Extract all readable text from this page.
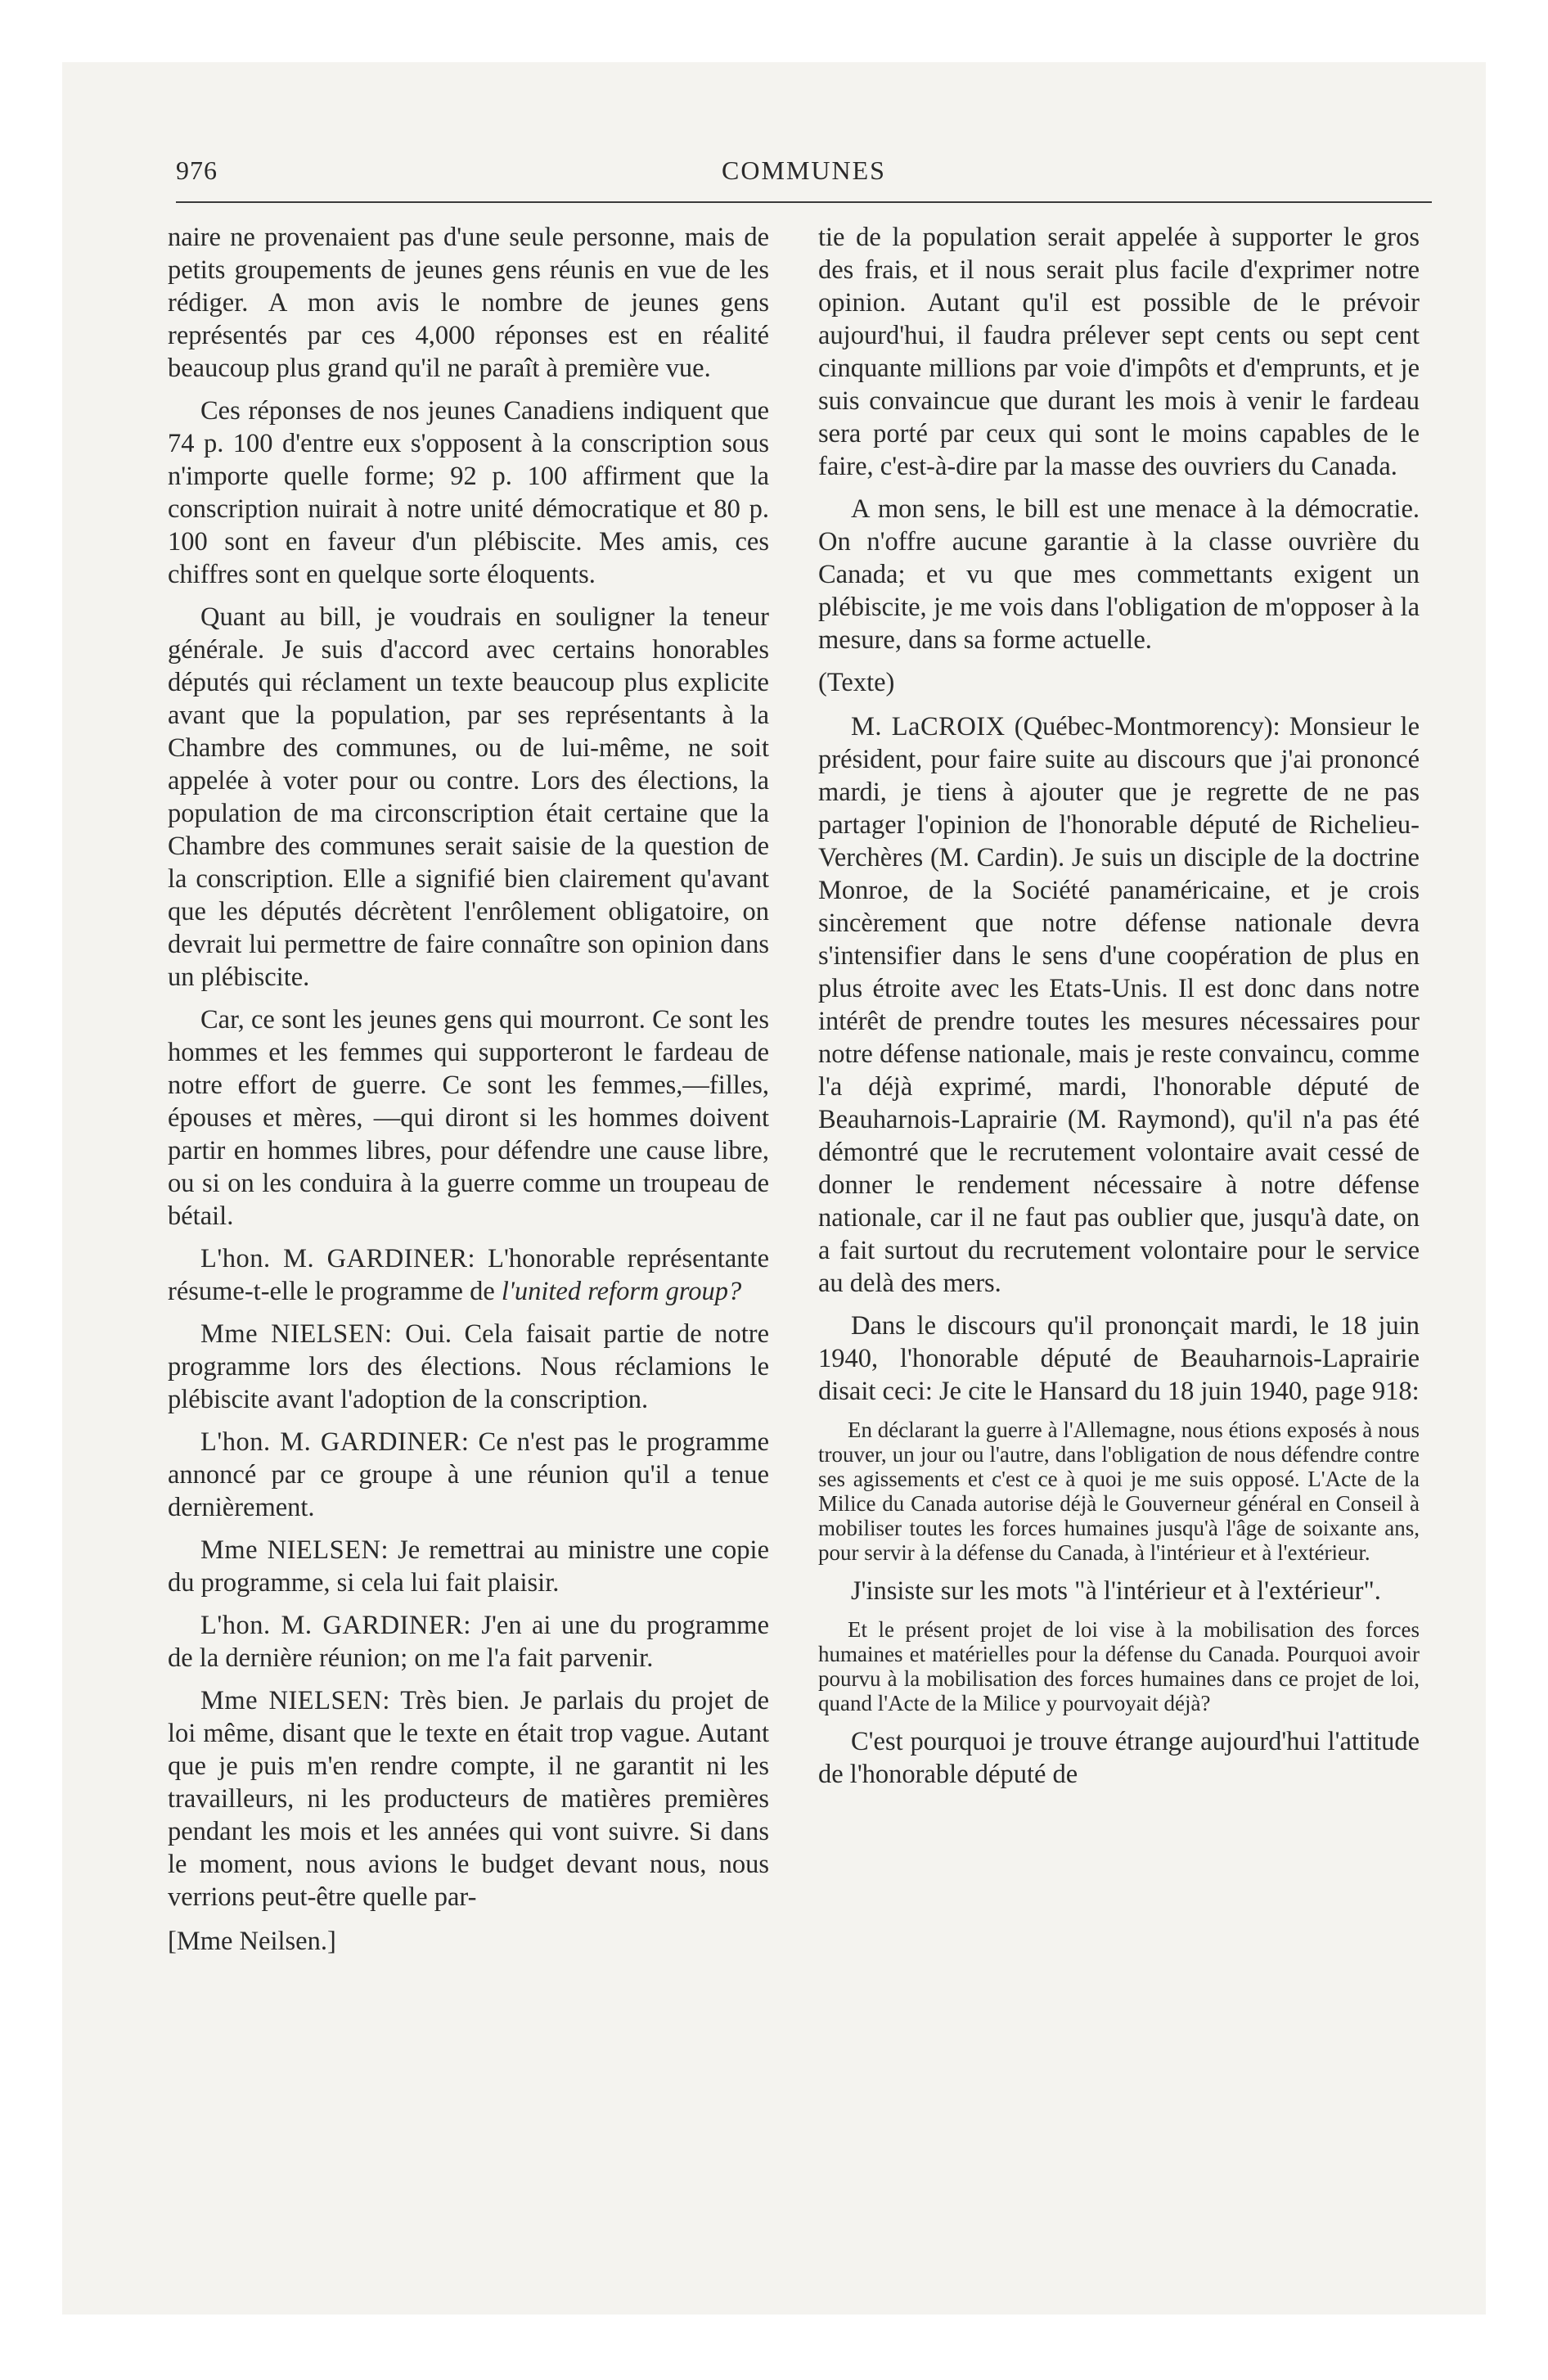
976	COMMUNES

naire ne provenaient pas d'une seule personne, mais de petits groupements de jeunes gens réunis en vue de les rédiger. A mon avis le nombre de jeunes gens représentés par ces 4,000 réponses est en réalité beaucoup plus grand qu'il ne paraît à première vue.

Ces réponses de nos jeunes Canadiens indiquent que 74 p. 100 d'entre eux s'opposent à la conscription sous n'importe quelle forme; 92 p. 100 affirment que la conscription nuirait à notre unité démocratique et 80 p. 100 sont en faveur d'un plébiscite. Mes amis, ces chiffres sont en quelque sorte éloquents.

Quant au bill, je voudrais en souligner la teneur générale. Je suis d'accord avec certains honorables députés qui réclament un texte beaucoup plus explicite avant que la population, par ses représentants à la Chambre des communes, ou de lui-même, ne soit appelée à voter pour ou contre. Lors des élections, la population de ma circonscription était certaine que la Chambre des communes serait saisie de la question de la conscription. Elle a signifié bien clairement qu'avant que les députés décrètent l'enrôlement obligatoire, on devrait lui permettre de faire connaître son opinion dans un plébiscite.

Car, ce sont les jeunes gens qui mourront. Ce sont les hommes et les femmes qui supporteront le fardeau de notre effort de guerre. Ce sont les femmes,—filles, épouses et mères, —qui diront si les hommes doivent partir en hommes libres, pour défendre une cause libre, ou si on les conduira à la guerre comme un troupeau de bétail.

L'hon. M. GARDINER: L'honorable représentante résume-t-elle le programme de l'united reform group?

Mme NIELSEN: Oui. Cela faisait partie de notre programme lors des élections. Nous réclamions le plébiscite avant l'adoption de la conscription.

L'hon. M. GARDINER: Ce n'est pas le programme annoncé par ce groupe à une réunion qu'il a tenue dernièrement.

Mme NIELSEN: Je remettrai au ministre une copie du programme, si cela lui fait plaisir.

L'hon. M. GARDINER: J'en ai une du programme de la dernière réunion; on me l'a fait parvenir.

Mme NIELSEN: Très bien. Je parlais du projet de loi même, disant que le texte en était trop vague. Autant que je puis m'en rendre compte, il ne garantit ni les travailleurs, ni les producteurs de matières premières pendant les mois et les années qui vont suivre. Si dans le moment, nous avions le budget devant nous, nous verrions peut-être quelle par-

[Mme Neilsen.]

tie de la population serait appelée à supporter le gros des frais, et il nous serait plus facile d'exprimer notre opinion. Autant qu'il est possible de le prévoir aujourd'hui, il faudra prélever sept cents ou sept cent cinquante millions par voie d'impôts et d'emprunts, et je suis convaincue que durant les mois à venir le fardeau sera porté par ceux qui sont le moins capables de le faire, c'est-à-dire par la masse des ouvriers du Canada.

A mon sens, le bill est une menace à la démocratie. On n'offre aucune garantie à la classe ouvrière du Canada; et vu que mes commettants exigent un plébiscite, je me vois dans l'obligation de m'opposer à la mesure, dans sa forme actuelle.

(Texte)

M. LaCROIX (Québec-Montmorency): Monsieur le président, pour faire suite au discours que j'ai prononcé mardi, je tiens à ajouter que je regrette de ne pas partager l'opinion de l'honorable député de Richelieu-Verchères (M. Cardin). Je suis un disciple de la doctrine Monroe, de la Société panaméricaine, et je crois sincèrement que notre défense nationale devra s'intensifier dans le sens d'une coopération de plus en plus étroite avec les Etats-Unis. Il est donc dans notre intérêt de prendre toutes les mesures nécessaires pour notre défense nationale, mais je reste convaincu, comme l'a déjà exprimé, mardi, l'honorable député de Beauharnois-Laprairie (M. Raymond), qu'il n'a pas été démontré que le recrutement volontaire avait cessé de donner le rendement nécessaire à notre défense nationale, car il ne faut pas oublier que, jusqu'à date, on a fait surtout du recrutement volontaire pour le service au delà des mers.

Dans le discours qu'il prononçait mardi, le 18 juin 1940, l'honorable député de Beauharnois-Laprairie disait ceci: Je cite le Hansard du 18 juin 1940, page 918:

En déclarant la guerre à l'Allemagne, nous étions exposés à nous trouver, un jour ou l'autre, dans l'obligation de nous défendre contre ses agissements et c'est ce à quoi je me suis opposé. L'Acte de la Milice du Canada autorise déjà le Gouverneur général en Conseil à mobiliser toutes les forces humaines jusqu'à l'âge de soixante ans, pour servir à la défense du Canada, à l'intérieur et à l'extérieur.

J'insiste sur les mots "à l'intérieur et à l'extérieur".

Et le présent projet de loi vise à la mobilisation des forces humaines et matérielles pour la défense du Canada. Pourquoi avoir pourvu à la mobilisation des forces humaines dans ce projet de loi, quand l'Acte de la Milice y pourvoyait déjà?

C'est pourquoi je trouve étrange aujourd'hui l'attitude de l'honorable député de
